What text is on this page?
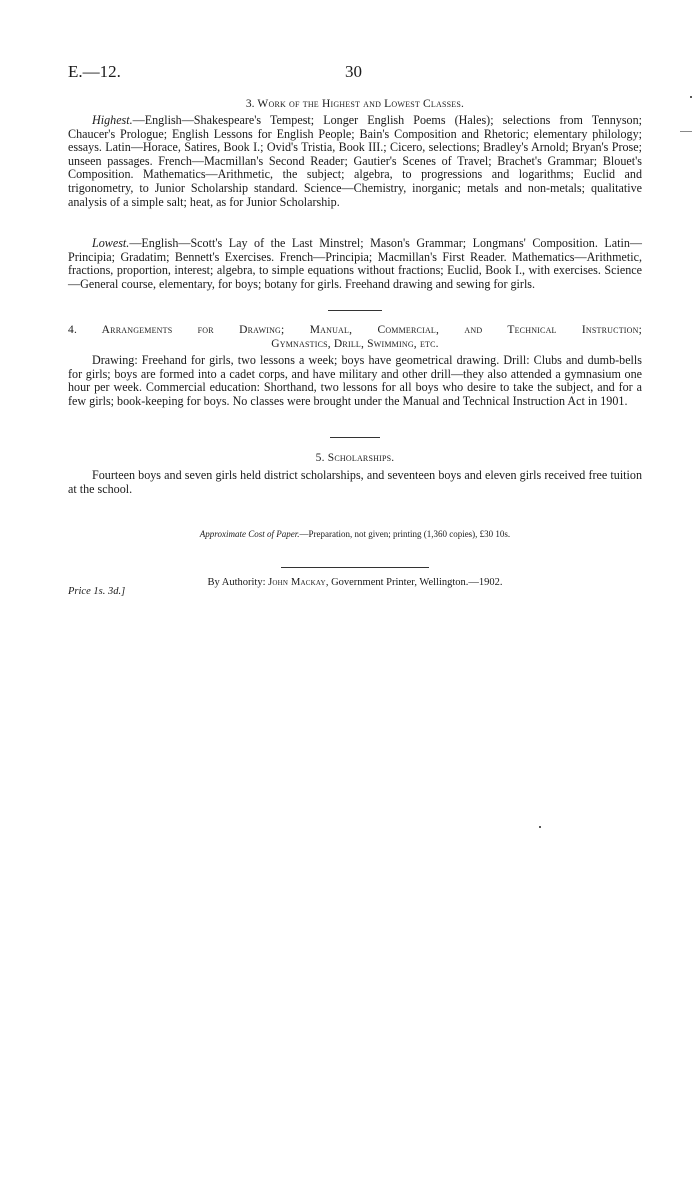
E.—12.	30
3. Work of the Highest and Lowest Classes.

Highest.—English—Shakespeare's Tempest; Longer English Poems (Hales); selections from Tennyson; Chaucer's Prologue; English Lessons for English People; Bain's Composition and Rhetoric; elementary philology; essays. Latin—Horace, Satires, Book I.; Ovid's Tristia, Book III.; Cicero, selections; Bradley's Arnold; Bryan's Prose; unseen passages. French—Macmillan's Second Reader; Gautier's Scenes of Travel; Brachet's Grammar; Blouet's Composition. Mathematics—Arithmetic, the subject; algebra, to progressions and logarithms; Euclid and trigonometry, to Junior Scholarship standard. Science—Chemistry, inorganic; metals and non-metals; qualitative analysis of a simple salt; heat, as for Junior Scholarship.

Lowest.—English—Scott's Lay of the Last Minstrel; Mason's Grammar; Longmans' Composition. Latin—Principia; Gradatim; Bennett's Exercises. French—Principia; Macmillan's First Reader. Mathematics—Arithmetic, fractions, proportion, interest; algebra, to simple equations without fractions; Euclid, Book I., with exercises. Science—General course, elementary, for boys; botany for girls. Freehand drawing and sewing for girls.

4. Arrangements for Drawing; Manual, Commercial, and Technical Instruction;
Gymnastics, Drill, Swimming, etc.

Drawing: Freehand for girls, two lessons a week; boys have geometrical drawing. Drill: Clubs and dumb-bells for girls; boys are formed into a cadet corps, and have military and other drill—they also attended a gymnasium one hour per week. Commercial education: Shorthand, two lessons for all boys who desire to take the subject, and for a few girls; book-keeping for boys. No classes were brought under the Manual and Technical Instruction Act in 1901.

5. Scholarships.

Fourteen boys and seven girls held district scholarships, and seventeen boys and eleven girls received free tuition at the school.

Approximate Cost of Paper.—Preparation, not given; printing (1,360 copies), £30 10s.
By Authority: John Mackay, Government Printer, Wellington.—1902.
Price 1s. 3d.]
